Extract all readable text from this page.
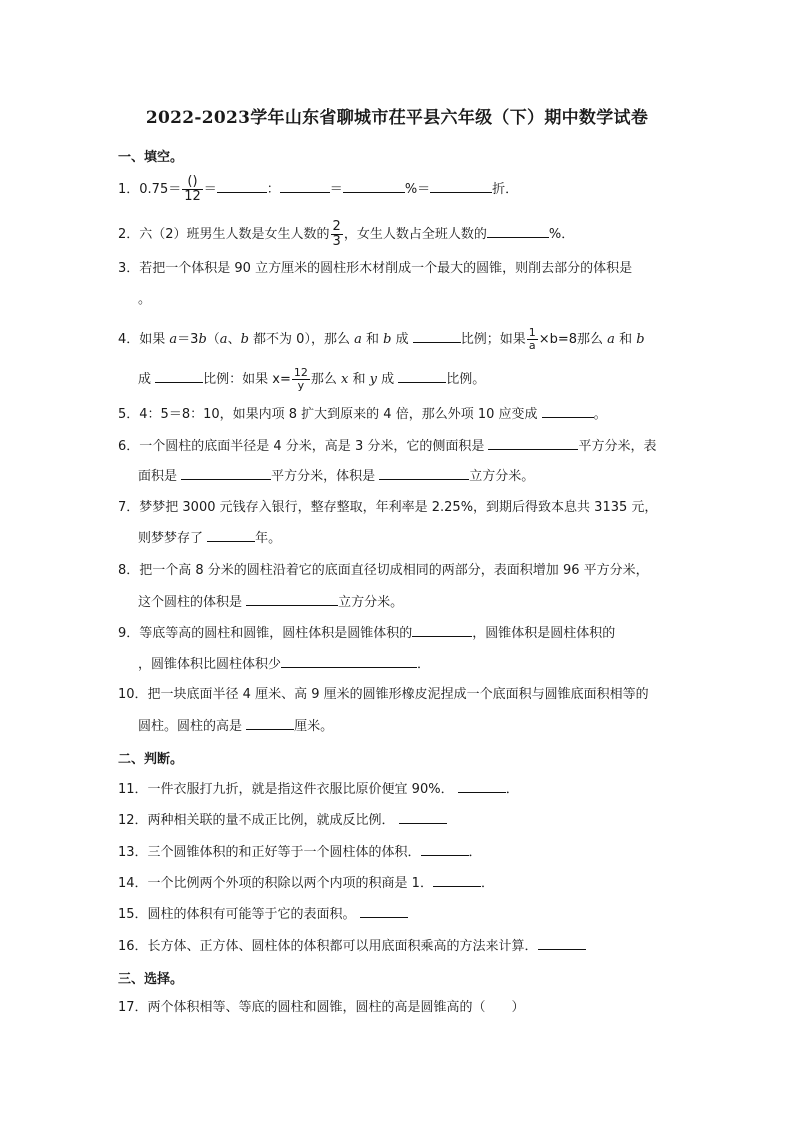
2022-2023学年山东省聊城市茌平县六年级（下）期中数学试卷
一、填空。
1．$0.75= \frac{()}{12}$ ＝	：	＝	%＝	折．
2．六（2）班男生人数是女生人数的 $\frac{2}{3}$ ，女生人数占全班人数的	%．
3．若把一个体积是 90 立方厘米的圆柱形木材削成一个最大的圆锥，则削去部分的体积是
。
4．如果 a＝3b（a、b 都不为 0），那么 a 和 b 成	比例；如果 $\frac{1}{a} \times b=8$那么 a 和 b
成	比例：如果 $x= \frac{12}{y}$ 那么 x 和 y 成	比例。
5．4：5＝8：10，如果内项 8 扩大到原来的 4 倍，那么外项 10 应变成	。
6．一个圆柱的底面半径是 4 分米，高是 3 分米，它的侧面积是	平方分米，表
面积是	平方分米，体积是	立方分米。
7．梦梦把 3000 元钱存入银行，整存整取，年利率是 2.25%，到期后得致本息共 3135 元，
则梦梦存了	年。
8．把一个高 8 分米的圆柱沿着它的底面直径切成相同的两部分，表面积增加 96 平方分米，
这个圆柱的体积是	立方分米。
9．等底等高的圆柱和圆锥，圆柱体积是圆锥体积的	，圆锥体积是圆柱体积的
，圆锥体积比圆柱体积少	．
10．把一块底面半径 4 厘米、高 9 厘米的圆锥形橡皮泥捏成一个底面积与圆锥底面积相等的
圆柱。圆柱的高是	厘米。
二、判断。
11．一件衣服打九折，就是指这件衣服比原价便宜 90%．	．
12．两种相关联的量不成正比例，就成反比例．
13．三个圆锥体积的和正好等于一个圆柱体的体积．	．
14．一个比例两个外项的积除以两个内项的积商是 1．	．
15．圆柱的体积有可能等于它的表面积。
16．长方体、正方体、圆柱体的体积都可以用底面积乘高的方法来计算．
三、选择。
17．两个体积相等、等底的圆柱和圆锥，圆柱的高是圆锥高的（　　）
